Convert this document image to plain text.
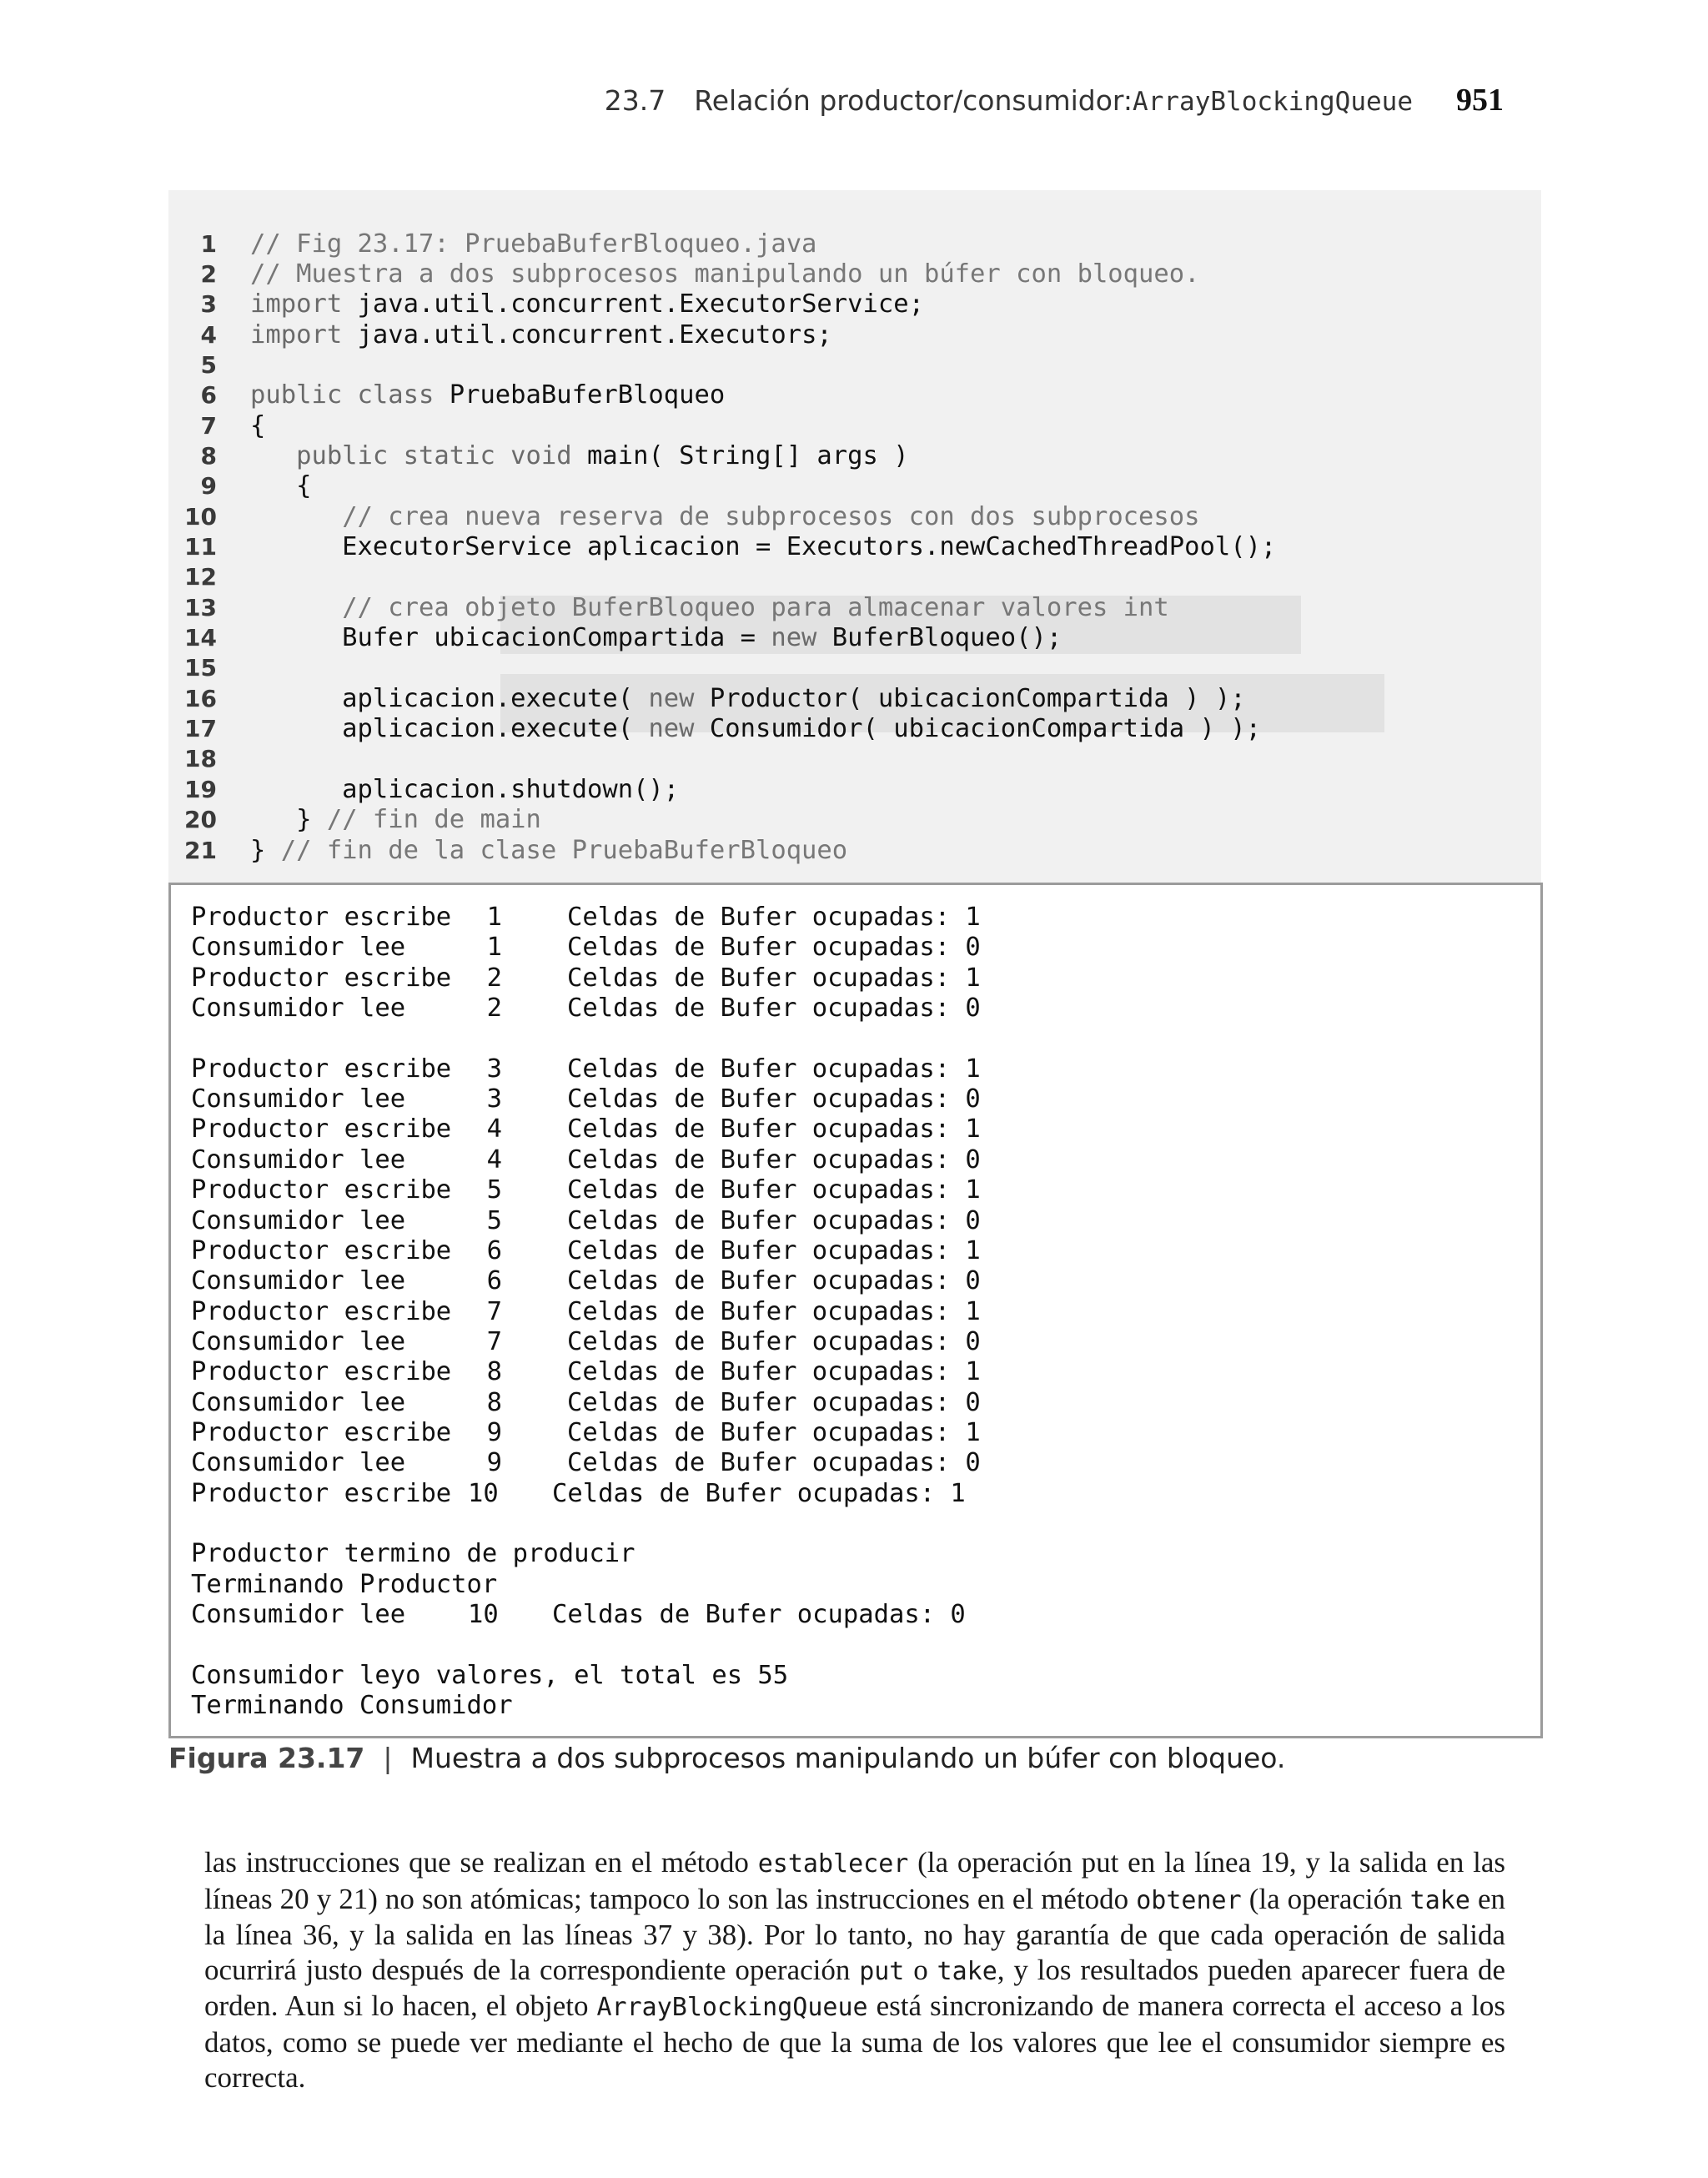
23.7 Relación productor/consumidor: ArrayBlockingQueue 951
1 // Fig 23.17: PruebaBuferBloqueo.java
2 // Muestra a dos subprocesos manipulando un búfer con bloqueo.
3 import java.util.concurrent.ExecutorService;
4 import java.util.concurrent.Executors;
5
6 public class PruebaBuferBloqueo
7 {
8	public static void main( String[] args )
9 {
10	// crea nueva reserva de subprocesos con dos subprocesos
11 ExecutorService aplicacion = Executors.newCachedThreadPool();
12
13	// crea objeto BuferBloqueo para almacenar valores int
14 Bufer ubicacionCompartida = new BuferBloqueo();
15
16 aplicacion.execute( new Productor( ubicacionCompartida ) );
17 aplicacion.execute( new Consumidor( ubicacionCompartida ) );
18
19 aplicacion.shutdown();
20 } // fin de main
21 } // fin de la clase PruebaBuferBloqueo
Productor escribe 1	Celdas de Bufer ocupadas: 1
Consumidor lee	1	Celdas de Bufer ocupadas: 0
Productor escribe 2	Celdas de Bufer ocupadas: 1
Consumidor lee	2	Celdas de Bufer ocupadas: 0
Productor escribe 3	Celdas de Bufer ocupadas: 1
Consumidor lee	3	Celdas de Bufer ocupadas: 0
Productor escribe 4	Celdas de Bufer ocupadas: 1
Consumidor lee	4	Celdas de Bufer ocupadas: 0
Productor escribe 5	Celdas de Bufer ocupadas: 1
Consumidor lee	5	Celdas de Bufer ocupadas: 0
Productor escribe 6	Celdas de Bufer ocupadas: 1
Consumidor lee	6	Celdas de Bufer ocupadas: 0
Productor escribe 7	Celdas de Bufer ocupadas: 1
Consumidor lee	7	Celdas de Bufer ocupadas: 0
Productor escribe 8	Celdas de Bufer ocupadas: 1
Consumidor lee	8	Celdas de Bufer ocupadas: 0
Productor escribe 9	Celdas de Bufer ocupadas: 1
Consumidor lee	9	Celdas de Bufer ocupadas: 0
Productor escribe 10 Celdas de Bufer ocupadas: 1
Productor termino de producir
Terminando Productor
Consumidor lee 10 Celdas de Bufer ocupadas: 0
Consumidor leyo valores, el total es 55
Terminando Consumidor
Figura 23.17 | Muestra a dos subprocesos manipulando un búfer con bloqueo.
las instrucciones que se realizan en el método establecer (la operación put en la línea 19, y la salida en las líneas 20 y 21) no son atómicas; tampoco lo son las instrucciones en el método obtener (la operación take en la línea 36, y la salida en las líneas 37 y 38). Por lo tanto, no hay garantía de que cada operación de salida ocurrirá justo después de la correspondiente operación put o take, y los resultados pueden aparecer fuera de orden. Aun si lo hacen, el objeto ArrayBlockingQueue está sincronizando de manera correcta el acceso a los datos, como se puede ver mediante el hecho de que la suma de los valores que lee el consumidor siempre es correcta.
